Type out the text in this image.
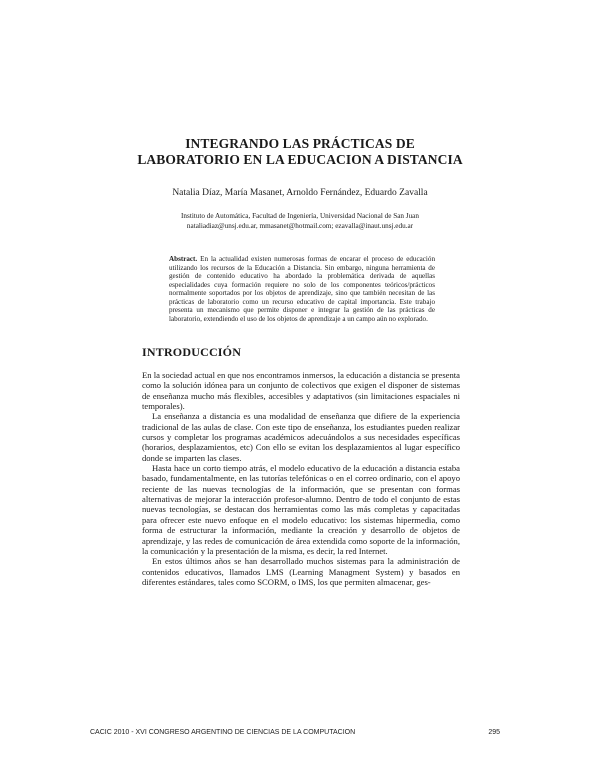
INTEGRANDO LAS PRÁCTICAS DE
LABORATORIO EN LA EDUCACION A DISTANCIA
Natalia Díaz, María Masanet, Arnoldo Fernández, Eduardo Zavalla
Instituto de Automática, Facultad de Ingeniería, Universidad Nacional de San Juan
nataliadiaz@unsj.edu.ar, mmasanet@hotmail.com; ezavalla@inaut.unsj.edu.ar
Abstract. En la actualidad existen numerosas formas de encarar el proceso de educación utilizando los recursos de la Educación a Distancia. Sin embargo, ninguna herramienta de gestión de contenido educativo ha abordado la problemática derivada de aquellas especialidades cuya formación requiere no solo de los componentes teóricos/prácticos normalmente soportados por los objetos de aprendizaje, sino que también necesitan de las prácticas de laboratorio como un recurso educativo de capital importancia. Este trabajo presenta un mecanismo que permite disponer e integrar la gestión de las prácticas de laboratorio, extendiendo el uso de los objetos de aprendizaje a un campo aún no explorado.
INTRODUCCIÓN

En la sociedad actual en que nos encontramos inmersos, la educación a distancia se presenta como la solución idónea para un conjunto de colectivos que exigen el disponer de sistemas de enseñanza mucho más flexibles, accesibles y adaptativos (sin limitaciones espaciales ni temporales).

La enseñanza a distancia es una modalidad de enseñanza que difiere de la experiencia tradicional de las aulas de clase. Con este tipo de enseñanza, los estudiantes pueden realizar cursos y completar los programas académicos adecuándolos a sus necesidades específicas (horarios, desplazamientos, etc) Con ello se evitan los desplazamientos al lugar específico donde se imparten las clases.

Hasta hace un corto tiempo atrás, el modelo educativo de la educación a distancia estaba basado, fundamentalmente, en las tutorías telefónicas o en el correo ordinario, con el apoyo reciente de las nuevas tecnologías de la información, que se presentan con formas alternativas de mejorar la interacción profesor-alumno. Dentro de todo el conjunto de estas nuevas tecnologías, se destacan dos herramientas como las más completas y capacitadas para ofrecer este nuevo enfoque en el modelo educativo: los sistemas hipermedia, como forma de estructurar la información, mediante la creación y desarrollo de objetos de aprendizaje, y las redes de comunicación de área extendida como soporte de la información, la comunicación y la presentación de la misma, es decir, la red Internet.

En estos últimos años se han desarrollado muchos sistemas para la administración de contenidos educativos, llamados LMS (Learning Managment System) y basados en diferentes estándares, tales como SCORM, o IMS, los que permiten almacenar, ges-

CACIC 2010 - XVI CONGRESO ARGENTINO DE CIENCIAS DE LA COMPUTACION	295
